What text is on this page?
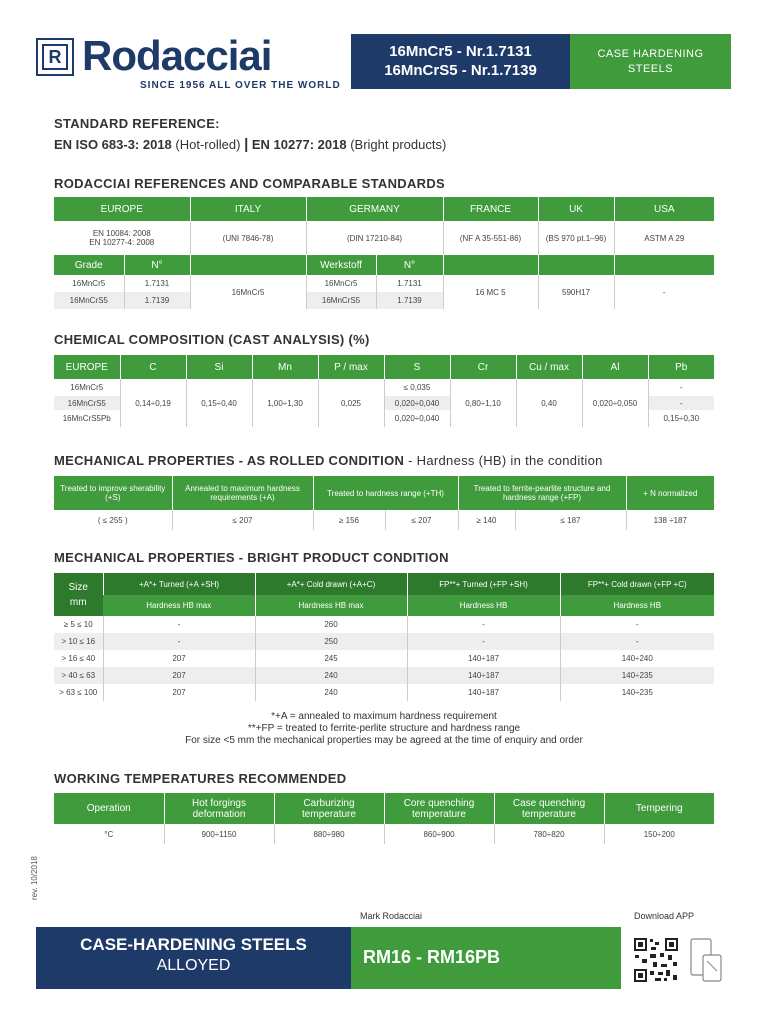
R Rodacciai
SINCE 1956 ALL OVER THE WORLD
16MnCr5 - Nr.1.7131
16MnCrS5 - Nr.1.7139
CASE HARDENING
STEELS
STANDARD REFERENCE:
EN ISO 683-3: 2018 (Hot-rolled) | EN 10277: 2018 (Bright products)
RODACCIAI REFERENCES AND COMPARABLE STANDARDS
EUROPE		ITALY	GERMANY		FRANCE	UK	USA

EN 10084: 2008
EN 10277-4: 2008		(UNI 7846-78)	(DIN 17210-84)		(NF A 35-551-86)	(BS 970 pt.1–96)	ASTM A 29
Grade	N°		Werkstoff	N°			
16MnCr5	1.7131	16MnCr5	16MnCr5	1.7131	16 MC 5	590H17	-
16MnCrS5	1.7139		16MnCrS5	1.7139			
CHEMICAL COMPOSITION (CAST ANALYSIS) (%)
EUROPE	C	Si	Mn	P / max	S	Cr	Cu / max	Al	Pb
16MnCr5	0,14÷0,19	0,15÷0,40	1,00÷1,30	0,025	≤ 0,035	0,80÷1,10	0,40	0,020÷0,050	-
16MnCrS5					0,020÷0,040				-
16MnCrS5Pb					0,020÷0,040				0,15÷0,30
MECHANICAL PROPERTIES - AS ROLLED CONDITION - Hardness (HB) in the condition
Treated to improve sherability (+S)	Annealed to maximum hardness requirements (+A)	Treated to hardness range (+TH)		Treated to ferrite-pearlite structure and hardness range (+FP)		+ N normalized
( ≤ 255 )	≤ 207	≥ 156	≤ 207	≥ 140	≤ 187	138 ÷187
MECHANICAL PROPERTIES - BRIGHT PRODUCT CONDITION
Size
mm	+A*+ Turned (+A +SH)	+A*+ Cold drawn (+A+C)	FP**+ Turned (+FP +SH)	FP**+ Cold drawn (+FP +C)
	Hardness HB max	Hardness HB max	Hardness HB	Hardness HB
≥ 5 ≤ 10	-	260	-	-
> 10 ≤ 16	-	250	-	-
> 16 ≤ 40	207	245	140÷187	140÷240
> 40 ≤ 63	207	240	140÷187	140÷235
> 63 ≤ 100	207	240	140÷187	140÷235
*+A = annealed to maximum hardness requirement
**+FP = treated to ferrite-perlite structure and hardness range
For size <5 mm the mechanical properties may be agreed at the time of enquiry and order
WORKING TEMPERATURES RECOMMENDED
Operation	Hot forgings deformation	Carburizing temperature	Core quenching temperature	Case quenching temperature	Tempering
°C	900÷1150	880÷980	860÷900	780÷820	150÷200
rev. 10/2018
Mark Rodacciai	Download APP
CASE-HARDENING STEELS
ALLOYED	RM16 - RM16PB
